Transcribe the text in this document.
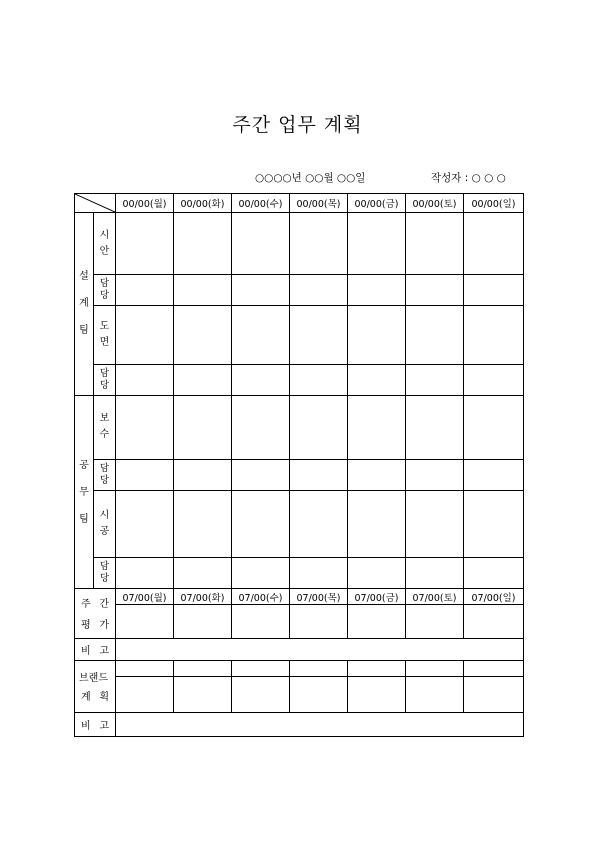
주간 업무 계획
○○○○년 ○○월 ○○일	작성자 : ○ ○ ○
	00/00(월)	00/00(화)	00/00(수)	00/00(목)	00/00(금)	00/00(토)	00/00(일)
설계팀	시안							
	담당							
	도면							
	담당							
공무팀	보수							
	담당							
	시공							
	담당							

주 간
평 가		07/00(월)	07/00(화)	07/00(수)	07/00(목)	07/00(금)	07/00(토)	07/00(일)

비 고								

브랜드
계 획								

비 고								
